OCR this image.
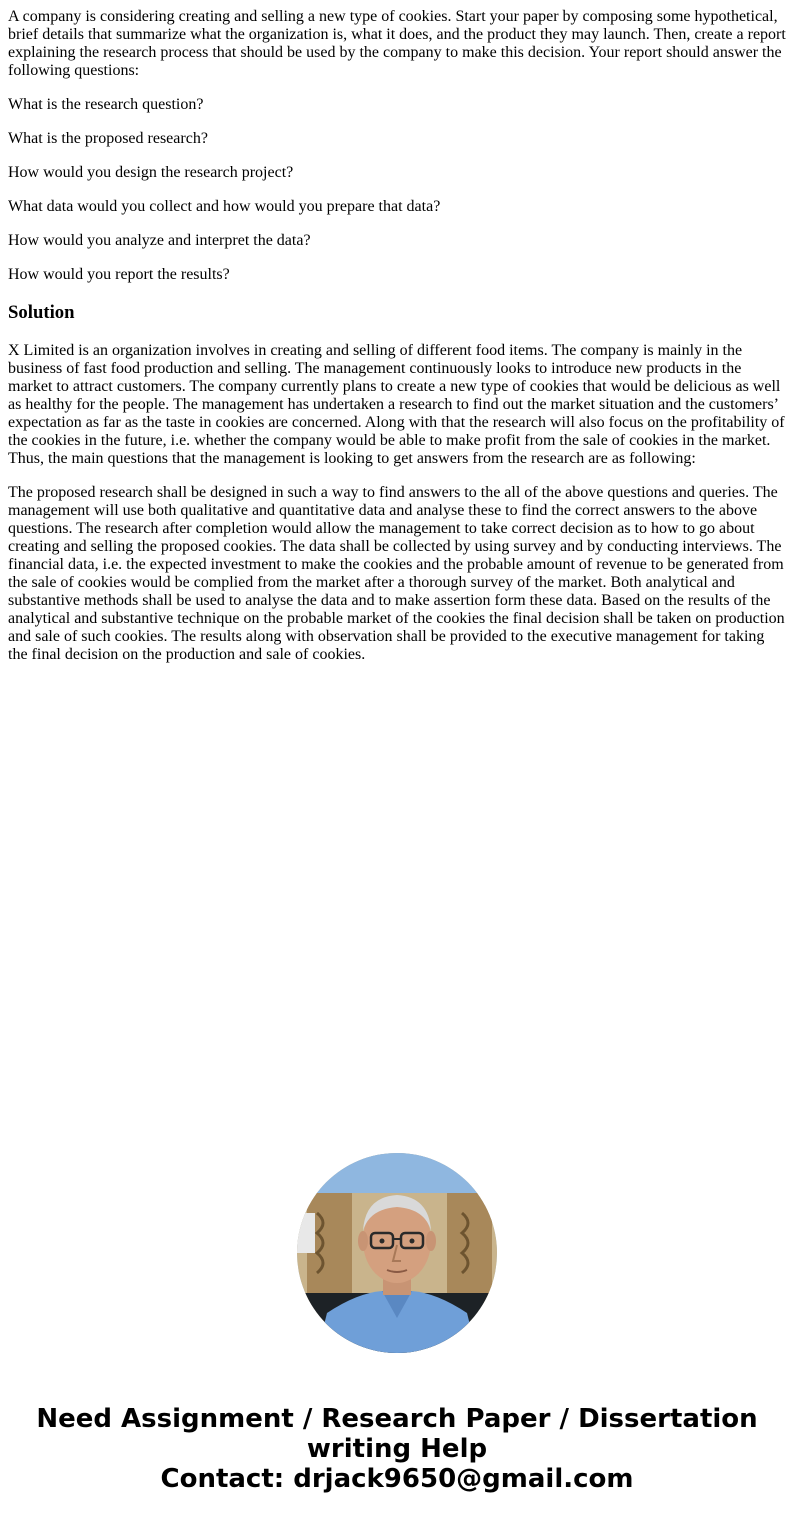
A company is considering creating and selling a new type of cookies. Start your paper by composing some hypothetical, brief details that summarize what the organization is, what it does, and the product they may launch. Then, create a report explaining the research process that should be used by the company to make this decision. Your report should answer the following questions:

What is the research question?

What is the proposed research?

How would you design the research project?

What data would you collect and how would you prepare that data?

How would you analyze and interpret the data?

How would you report the results?

Solution

X Limited is an organization involves in creating and selling of different food items. The company is mainly in the business of fast food production and selling. The management continuously looks to introduce new products in the market to attract customers. The company currently plans to create a new type of cookies that would be delicious as well as healthy for the people. The management has undertaken a research to find out the market situation and the customers’ expectation as far as the taste in cookies are concerned. Along with that the research will also focus on the profitability of the cookies in the future, i.e. whether the company would be able to make profit from the sale of cookies in the market. Thus, the main questions that the management is looking to get answers from the research are as following:

The proposed research shall be designed in such a way to find answers to the all of the above questions and queries. The management will use both qualitative and quantitative data and analyse these to find the correct answers to the above questions. The research after completion would allow the management to take correct decision as to how to go about creating and selling the proposed cookies. The data shall be collected by using survey and by conducting interviews. The financial data, i.e. the expected investment to make the cookies and the probable amount of revenue to be generated from the sale of cookies would be complied from the market after a thorough survey of the market. Both analytical and substantive methods shall be used to analyse the data and to make assertion form these data. Based on the results of the analytical and substantive technique on the probable market of the cookies the final decision shall be taken on production and sale of such cookies. The results along with observation shall be provided to the executive management for taking the final decision on the production and sale of cookies.

Need Assignment / Research Paper / Dissertation
writing Help
Contact: drjack9650@gmail.com
